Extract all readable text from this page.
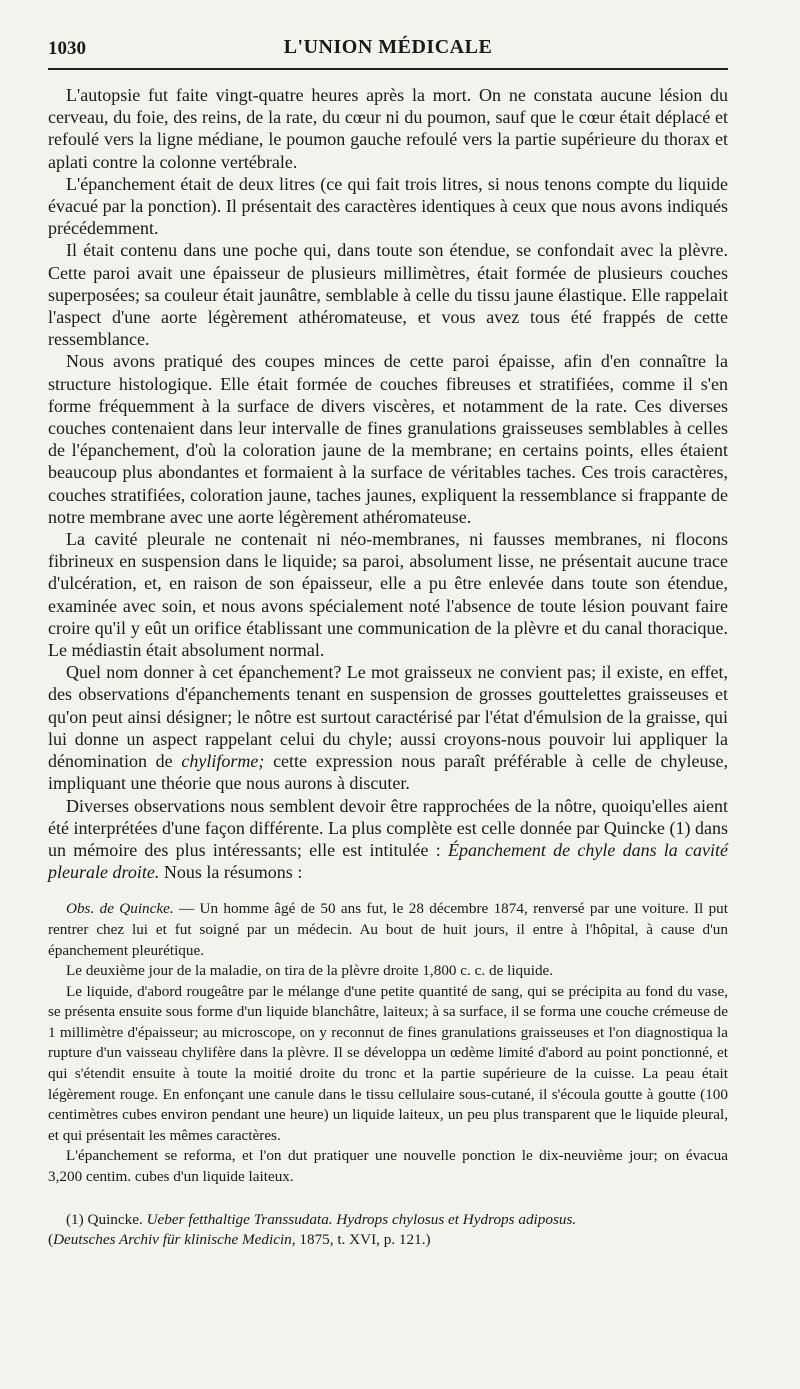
1030	L'UNION MÉDICALE

L'autopsie fut faite vingt-quatre heures après la mort. On ne constata aucune lésion du cerveau, du foie, des reins, de la rate, du cœur ni du poumon, sauf que le cœur était déplacé et refoulé vers la ligne médiane, le poumon gauche refoulé vers la partie supérieure du thorax et aplati contre la colonne vertébrale.

L'épanchement était de deux litres (ce qui fait trois litres, si nous tenons compte du liquide évacué par la ponction). Il présentait des caractères identiques à ceux que nous avons indiqués précédemment.

Il était contenu dans une poche qui, dans toute son étendue, se confondait avec la plèvre. Cette paroi avait une épaisseur de plusieurs millimètres, était formée de plusieurs couches superposées; sa couleur était jaunâtre, semblable à celle du tissu jaune élastique. Elle rappelait l'aspect d'une aorte légèrement athéromateuse, et vous avez tous été frappés de cette ressemblance.

Nous avons pratiqué des coupes minces de cette paroi épaisse, afin d'en connaître la structure histologique. Elle était formée de couches fibreuses et stratifiées, comme il s'en forme fréquemment à la surface de divers viscères, et notamment de la rate. Ces diverses couches contenaient dans leur intervalle de fines granulations graisseuses semblables à celles de l'épanchement, d'où la coloration jaune de la membrane; en certains points, elles étaient beaucoup plus abondantes et formaient à la surface de véritables taches. Ces trois caractères, couches stratifiées, coloration jaune, taches jaunes, expliquent la ressemblance si frappante de notre membrane avec une aorte légèrement athéromateuse.

La cavité pleurale ne contenait ni néo-membranes, ni fausses membranes, ni flocons fibrineux en suspension dans le liquide; sa paroi, absolument lisse, ne présentait aucune trace d'ulcération, et, en raison de son épaisseur, elle a pu être enlevée dans toute son étendue, examinée avec soin, et nous avons spécialement noté l'absence de toute lésion pouvant faire croire qu'il y eût un orifice établissant une communication de la plèvre et du canal thoracique. Le médiastin était absolument normal.

Quel nom donner à cet épanchement? Le mot graisseux ne convient pas; il existe, en effet, des observations d'épanchements tenant en suspension de grosses gouttelettes graisseuses et qu'on peut ainsi désigner; le nôtre est surtout caractérisé par l'état d'émulsion de la graisse, qui lui donne un aspect rappelant celui du chyle; aussi croyons-nous pouvoir lui appliquer la dénomination de chyliforme; cette expression nous paraît préférable à celle de chyleuse, impliquant une théorie que nous aurons à discuter.

Diverses observations nous semblent devoir être rapprochées de la nôtre, quoiqu'elles aient été interprétées d'une façon différente. La plus complète est celle donnée par Quincke (1) dans un mémoire des plus intéressants; elle est intitulée : Épanchement de chyle dans la cavité pleurale droite. Nous la résumons :

Obs. de Quincke. — Un homme âgé de 50 ans fut, le 28 décembre 1874, renversé par une voiture. Il put rentrer chez lui et fut soigné par un médecin. Au bout de huit jours, il entre à l'hôpital, à cause d'un épanchement pleurétique.

Le deuxième jour de la maladie, on tira de la plèvre droite 1,800 c. c. de liquide.

Le liquide, d'abord rougeâtre par le mélange d'une petite quantité de sang, qui se précipita au fond du vase, se présenta ensuite sous forme d'un liquide blanchâtre, laiteux; à sa surface, il se forma une couche crémeuse de 1 millimètre d'épaisseur; au microscope, on y reconnut de fines granulations graisseuses et l'on diagnostiqua la rupture d'un vaisseau chylifère dans la plèvre. Il se développa un œdème limité d'abord au point ponctionné, et qui s'étendit ensuite à toute la moitié droite du tronc et la partie supérieure de la cuisse. La peau était légèrement rouge. En enfonçant une canule dans le tissu cellulaire sous-cutané, il s'écoula goutte à goutte (100 centimètres cubes environ pendant une heure) un liquide laiteux, un peu plus transparent que le liquide pleural, et qui présentait les mêmes caractères.

L'épanchement se reforma, et l'on dut pratiquer une nouvelle ponction le dix-neuvième jour; on évacua 3,200 centim. cubes d'un liquide laiteux.

(1) Quincke. Ueber fetthaltige Transsudata. Hydrops chylosus et Hydrops adiposus.
(Deutsches Archiv für klinische Medicin, 1875, t. XVI, p. 121.)
